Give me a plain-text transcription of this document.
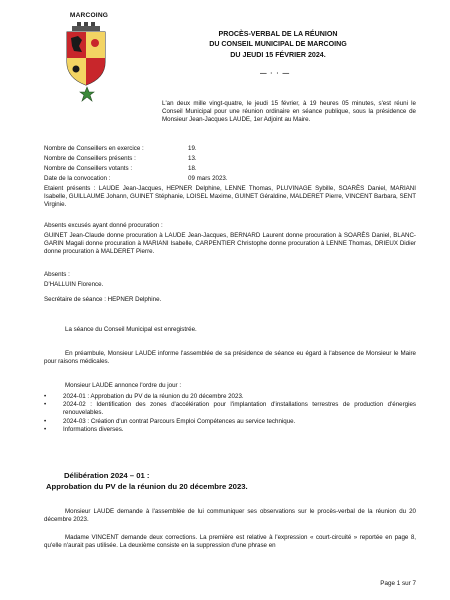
MARCOING
PROCÈS-VERBAL DE LA RÉUNION
DU CONSEIL MUNICIPAL DE MARCOING
DU JEUDI 15 FÉVRIER 2024.
— · · —
L'an deux mille vingt-quatre, le jeudi 15 février, à 19 heures 05 minutes, s'est réuni le Conseil Municipal pour une réunion ordinaire en séance publique, sous la présidence de Monsieur Jean-Jacques LAUDE, 1er Adjoint au Maire.
Nombre de Conseillers en exercice :	19.
Nombre de Conseillers présents :	13.
Nombre de Conseillers votants :	18.
Date de la convocation :	09 mars 2023.
Etaient présents : LAUDE Jean-Jacques, HEPNER Delphine, LENNE Thomas, PLUVINAGE Sybille, SOARÈS Daniel, MARIANI Isabelle, GUILLAUME Johann, GUINET Stéphanie, LOISEL Maxime, GUINET Géraldine, MALDERET Pierre, VINCENT Barbara, SENT Virginie.
Absents excusés ayant donné procuration :
GUINET Jean-Claude donne procuration à LAUDE Jean-Jacques, BERNARD Laurent donne procuration à SOARÈS Daniel, BLANC-GARIN Magali donne procuration à MARIANI Isabelle, CARPENTIER Christophe donne procuration à LENNE Thomas, DRIEUX Didier donne procuration à MALDERET Pierre.
Absents :
D'HALLUIN Florence.
Secrétaire de séance : HEPNER Delphine.
La séance du Conseil Municipal est enregistrée.
En préambule, Monsieur LAUDE informe l'assemblée de sa présidence de séance eu égard à l'absence de Monsieur le Maire pour raisons médicales.
Monsieur LAUDE annonce l'ordre du jour :
•	2024-01 : Approbation du PV de la réunion du 20 décembre 2023.
•	2024-02 : Identification des zones d'accélération pour l'implantation d'installations terrestres de production d'énergies renouvelables.
•	2024-03 : Création d'un contrat Parcours Emploi Compétences au service technique.
•	Informations diverses.
Délibération 2024 – 01 :
Approbation du PV de la réunion du 20 décembre 2023.
Monsieur LAUDE demande à l'assemblée de lui communiquer ses observations sur le procès-verbal de la réunion du 20 décembre 2023.
Madame VINCENT demande deux corrections. La première est relative à l'expression « court-circuité » reportée en page 8, qu'elle n'aurait pas utilisée. La deuxième consiste en la suppression d'une phrase en
Page 1 sur 7
